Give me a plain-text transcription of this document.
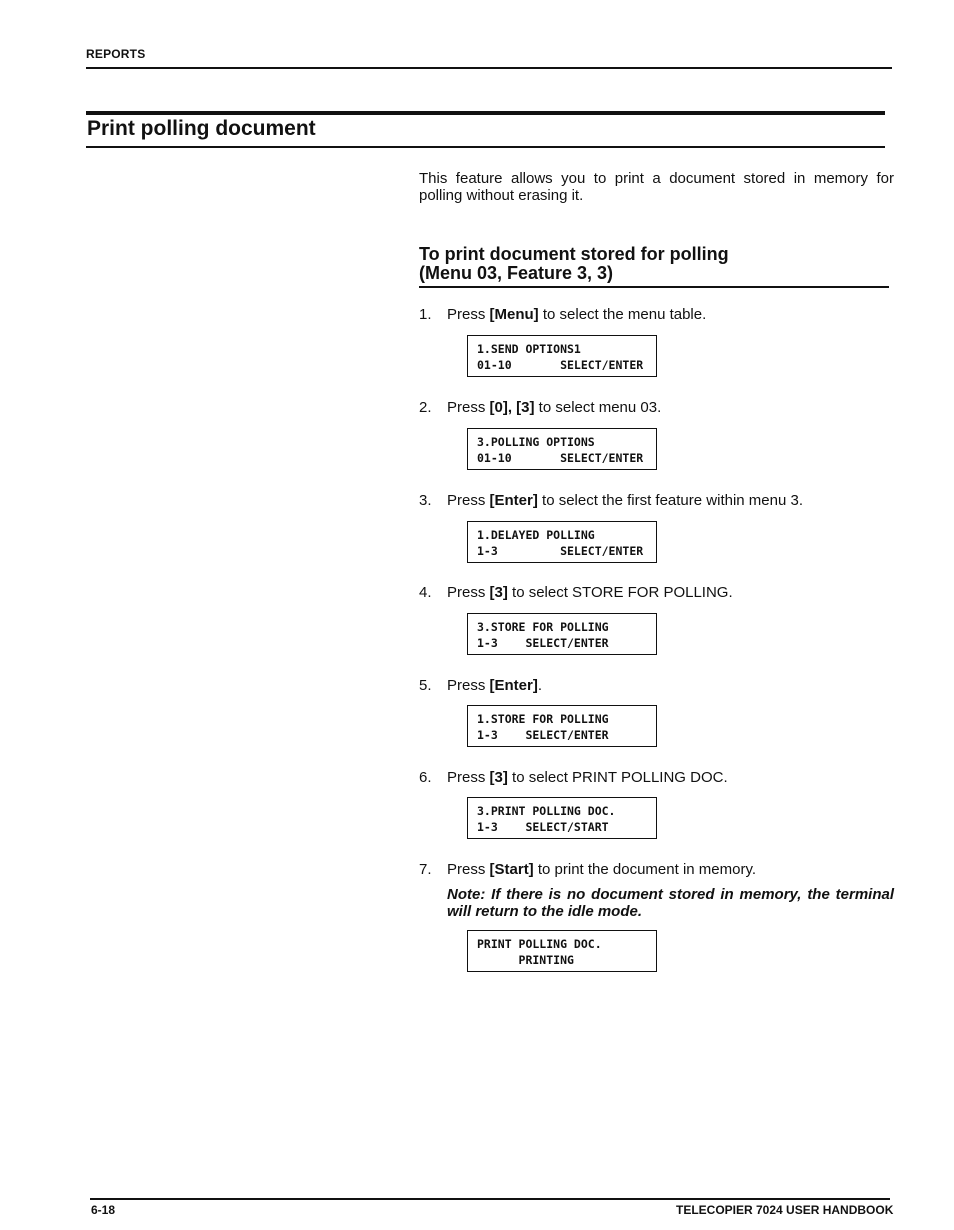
REPORTS
Print polling document
This feature allows you to print a document stored in memory for polling without erasing it.
To print document stored for polling
(Menu 03, Feature 3, 3)
1. Press [Menu] to select the menu table.
1.SEND OPTIONS1
01-10       SELECT/ENTER
2. Press [0], [3] to select menu 03.
3.POLLING OPTIONS
01-10       SELECT/ENTER
3. Press [Enter] to select the first feature within menu 3.
1.DELAYED POLLING
1-3         SELECT/ENTER
4. Press [3] to select STORE FOR POLLING.
3.STORE FOR POLLING
1-3    SELECT/ENTER
5. Press [Enter].
1.STORE FOR POLLING
1-3    SELECT/ENTER
6. Press [3] to select PRINT POLLING DOC.
3.PRINT POLLING DOC.
1-3    SELECT/START
7. Press [Start] to print the document in memory.
Note: If there is no document stored in memory, the terminal will return to the idle mode.
PRINT POLLING DOC.
PRINTING
6-18	TELECOPIER 7024 USER HANDBOOK
